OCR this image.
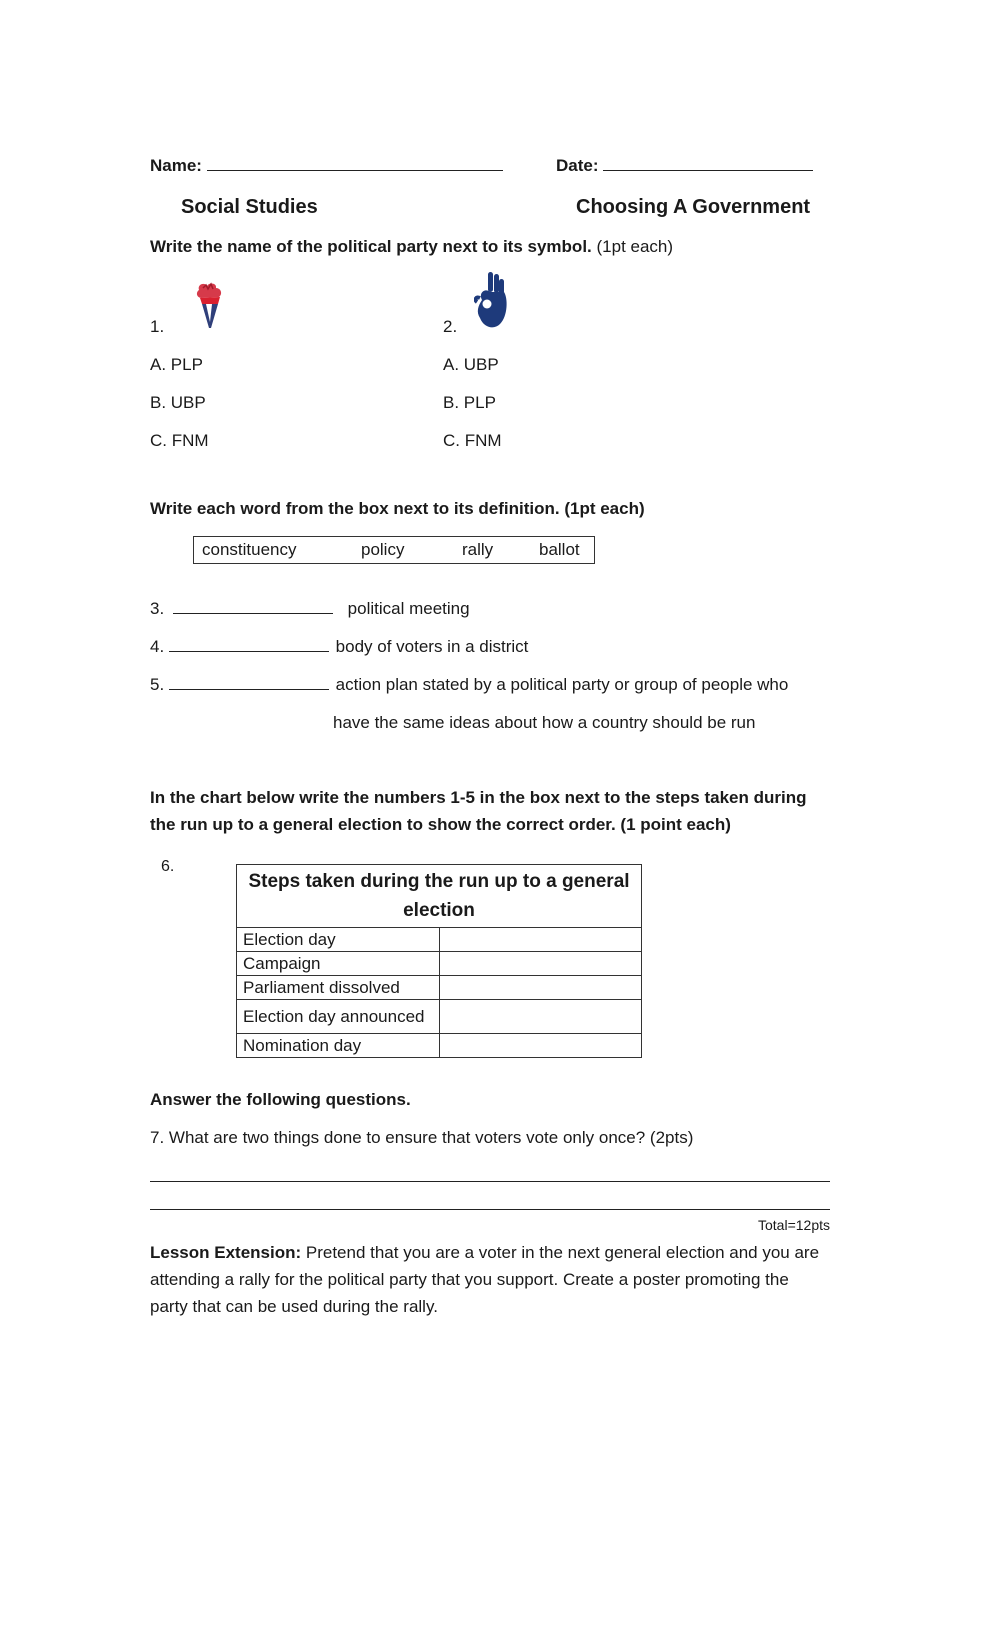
Name:	Date:
Social Studies	Choosing A Government
Write the name of the political party next to its symbol. (1pt each)
1.
A. PLP
B. UBP
C. FNM
2.
A. UBP
B. PLP
C. FNM
Write each word from the box next to its definition. (1pt each)
constituency	policy	rally	ballot
3.	political meeting
4.	body of voters in a district
5.	action plan stated by a political party or group of people who
have the same ideas about how a country should be run
In the chart below write the numbers 1-5 in the box next to the steps taken during
the run up to a general election to show the correct order. (1 point each)
6.
Steps taken during the run up to a general election	
Election day	
Campaign	
Parliament dissolved	
Election day announced	
Nomination day	
Answer the following questions.
7. What are two things done to ensure that voters vote only once? (2pts)
Total=12pts
Lesson Extension: Pretend that you are a voter in the next general election and you are
attending a rally for the political party that you support. Create a poster promoting the
party that can be used during the rally.
